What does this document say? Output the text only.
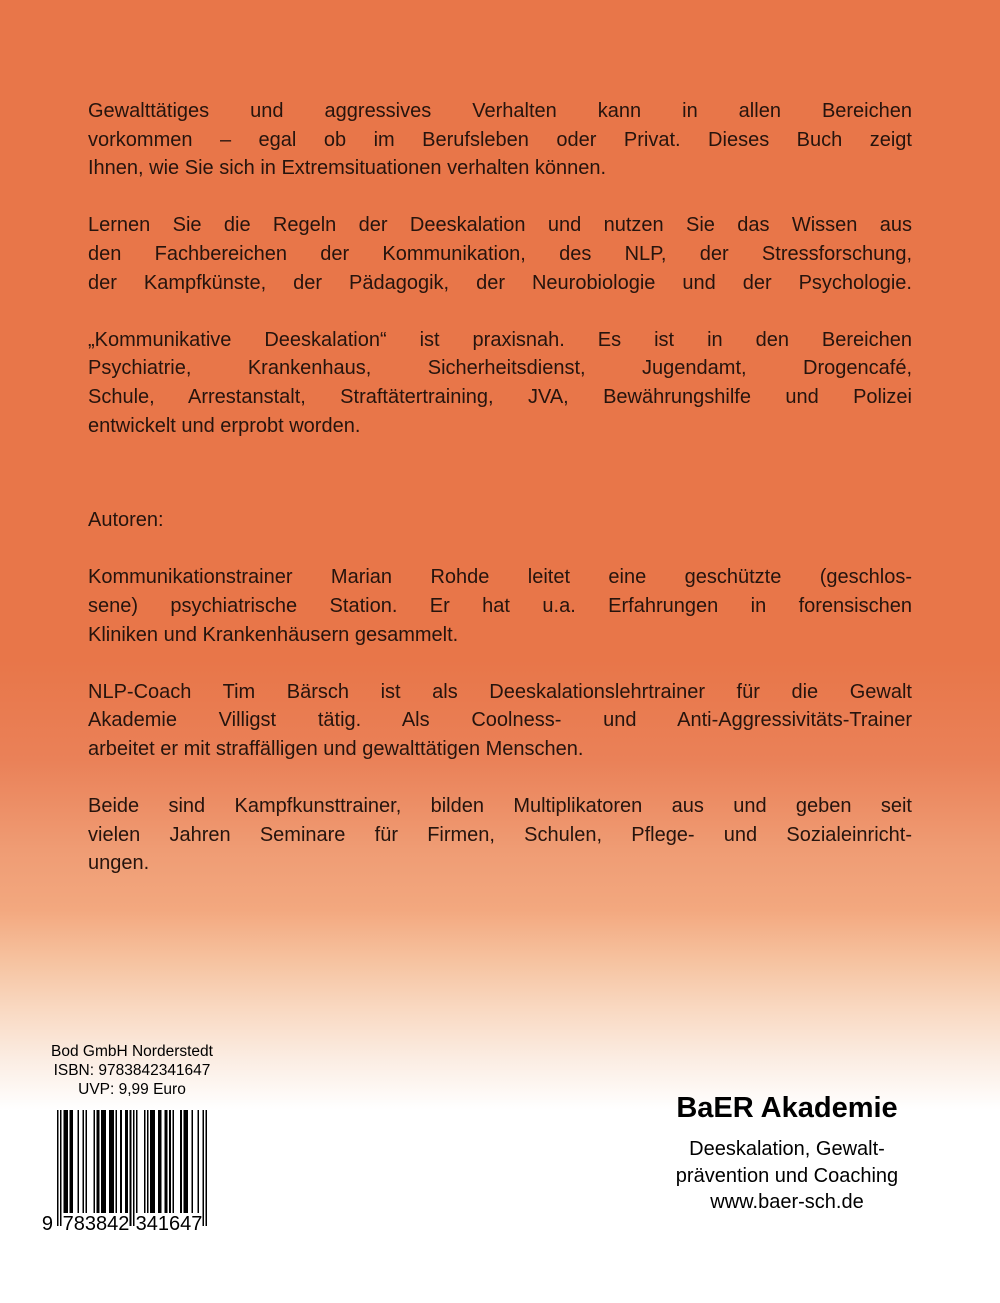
Gewalttätiges und aggressives Verhalten kann in allen Bereichen
vorkommen – egal ob im Berufsleben oder Privat. Dieses Buch zeigt
Ihnen, wie Sie sich in Extremsituationen verhalten können.
Lernen Sie die Regeln der Deeskalation und nutzen Sie das Wissen aus
den Fachbereichen der Kommunikation, des NLP, der Stressforschung,
der Kampfkünste, der Pädagogik, der Neurobiologie und der Psychologie.
„Kommunikative Deeskalation“ ist praxisnah. Es ist in den Bereichen
Psychiatrie, Krankenhaus, Sicherheitsdienst, Jugendamt, Drogencafé,
Schule, Arrestanstalt, Straftätertraining, JVA, Bewährungshilfe und Polizei
entwickelt und erprobt worden.
Autoren:
Kommunikationstrainer Marian Rohde leitet eine geschützte (geschlos-
sene) psychiatrische Station. Er hat u.a. Erfahrungen in forensischen
Kliniken und Krankenhäusern gesammelt.
NLP-Coach Tim Bärsch ist als Deeskalationslehrtrainer für die Gewalt
Akademie Villigst tätig. Als Coolness- und Anti-Aggressivitäts-Trainer
arbeitet er mit straffälligen und gewalttätigen Menschen.
Beide sind Kampfkunsttrainer, bilden Multiplikatoren aus und geben seit
vielen Jahren Seminare für Firmen, Schulen, Pflege- und Sozialeinricht-
ungen.
Bod GmbH Norderstedt
ISBN: 9783842341647
UVP: 9,99 Euro
9 783842 341647
BaER Akademie
Deeskalation, Gewalt-
prävention und Coaching
www.baer-sch.de
